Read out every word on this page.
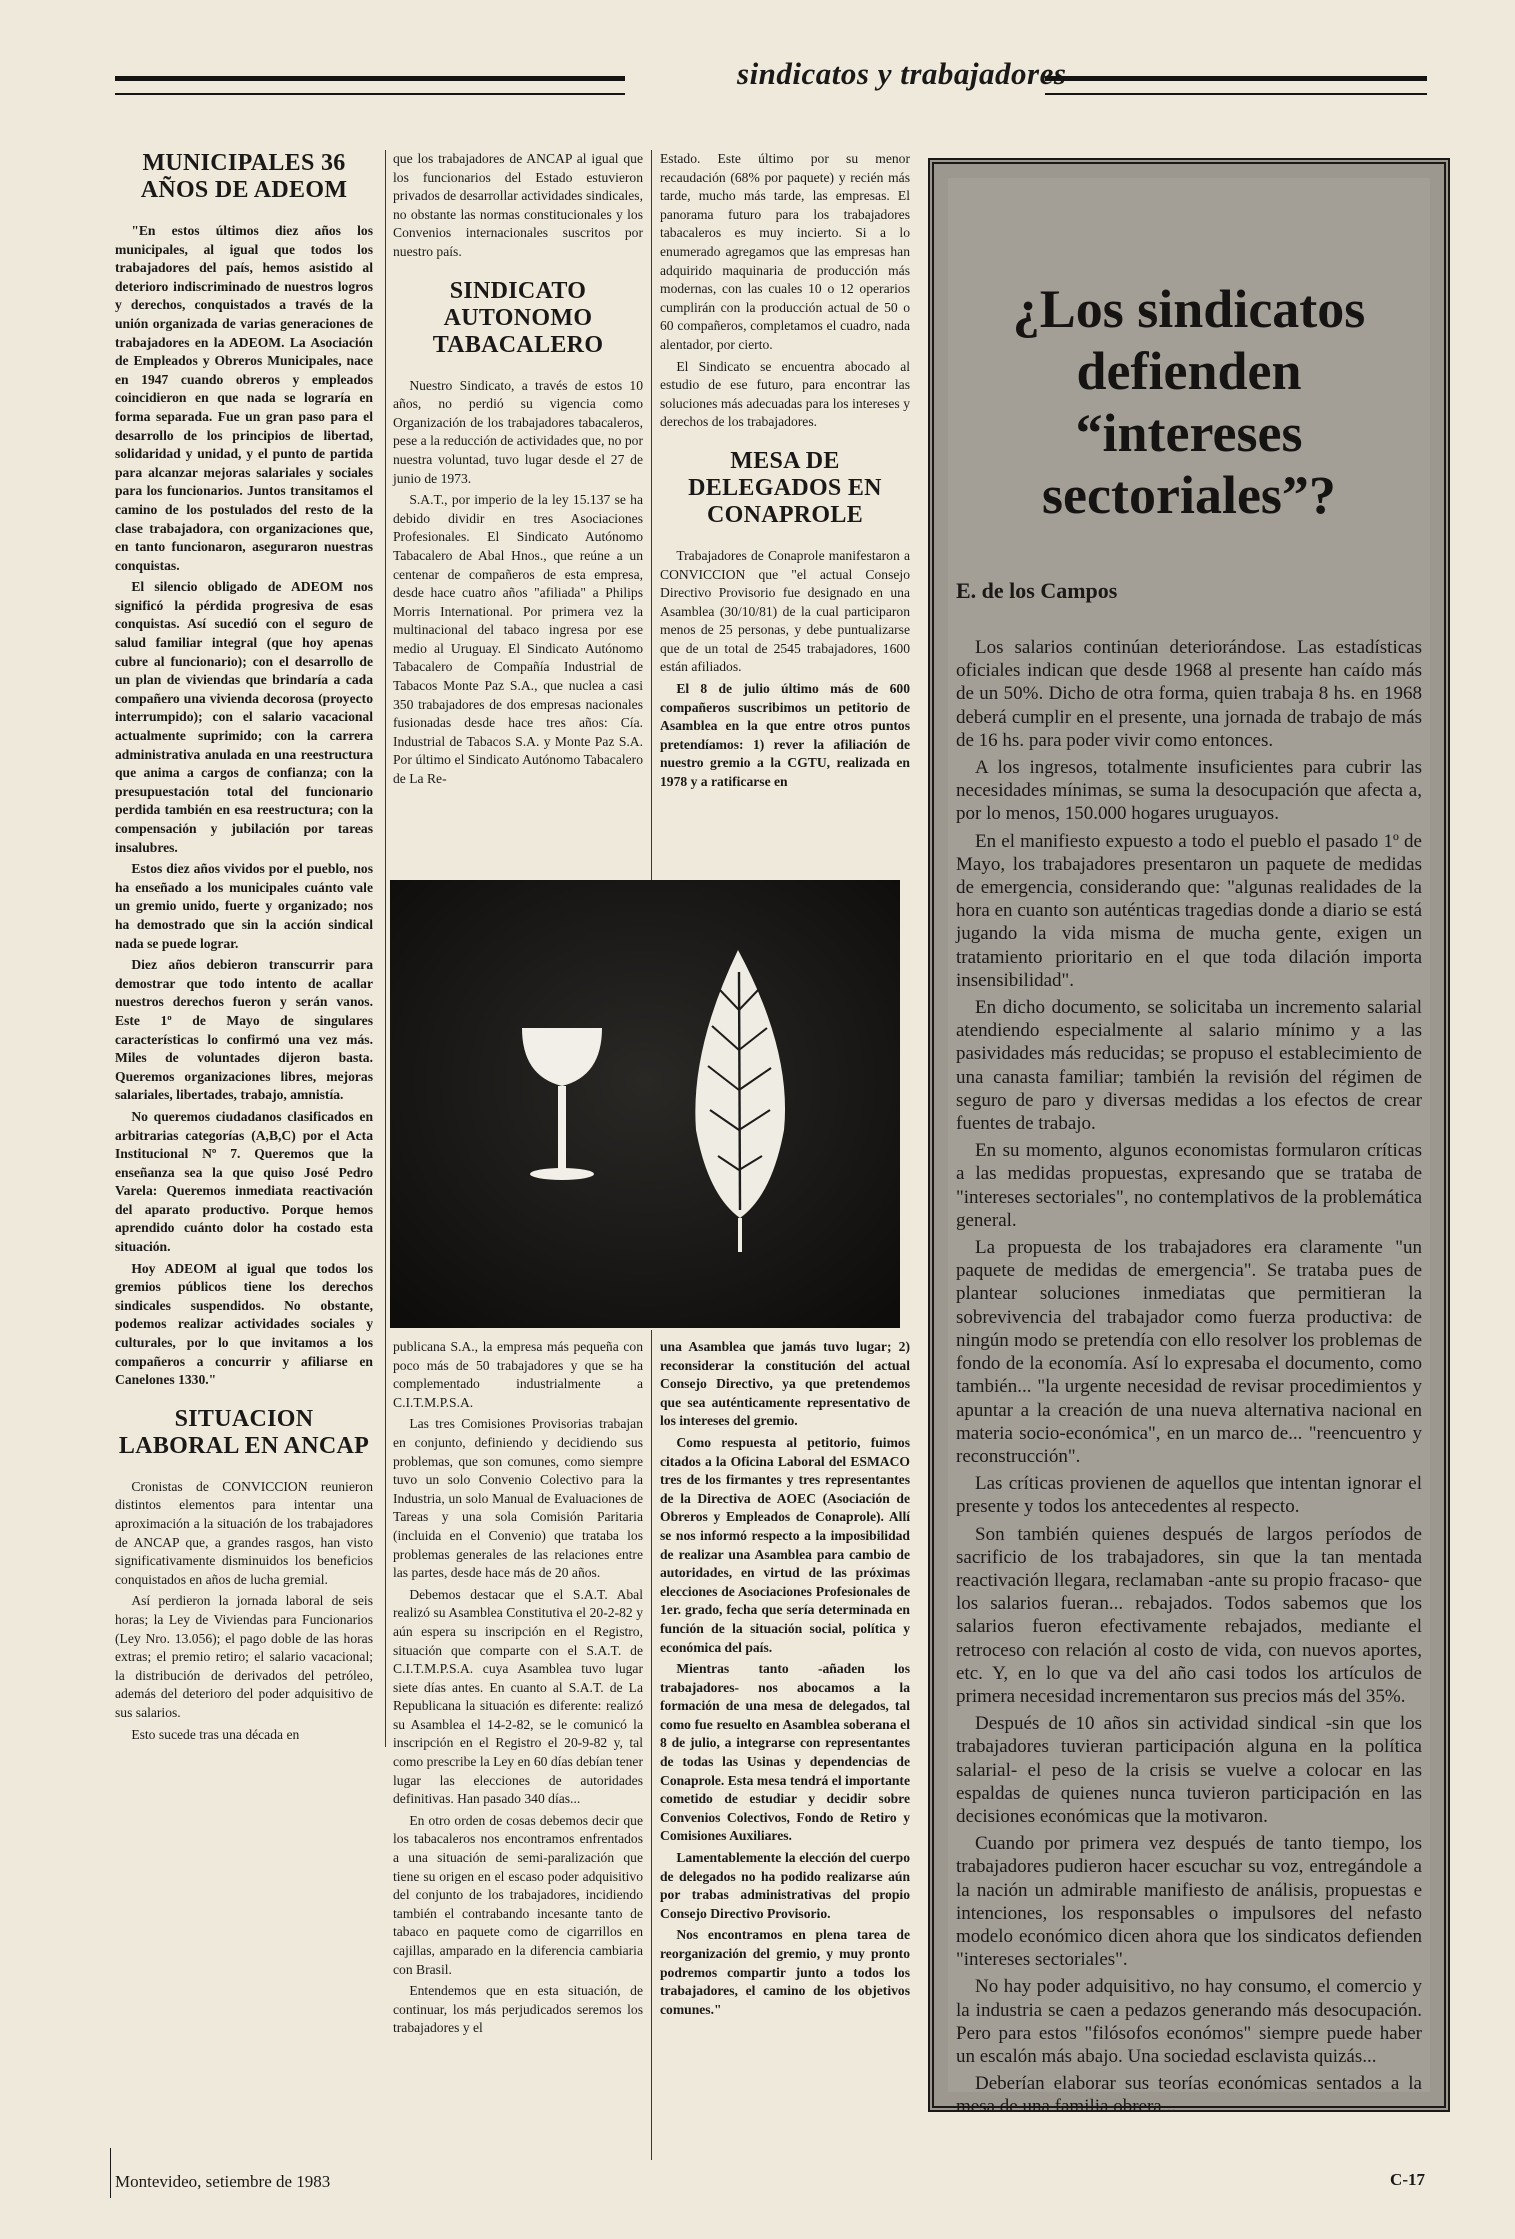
sindicatos y trabajadores
MUNICIPALES 36 AÑOS DE ADEOM

"En estos últimos diez años los municipales, al igual que todos los trabajadores del país, hemos asistido al deterioro indiscriminado de nuestros logros y derechos, conquistados a través de la unión organizada de varias generaciones de trabajadores en la ADEOM. La Asociación de Empleados y Obreros Municipales, nace en 1947 cuando obreros y empleados coincidieron en que nada se lograría en forma separada. Fue un gran paso para el desarrollo de los principios de libertad, solidaridad y unidad, y el punto de partida para alcanzar mejoras salariales y sociales para los funcionarios. Juntos transitamos el camino de los postulados del resto de la clase trabajadora, con organizaciones que, en tanto funcionaron, aseguraron nuestras conquistas.

El silencio obligado de ADEOM nos significó la pérdida progresiva de esas conquistas. Así sucedió con el seguro de salud familiar integral (que hoy apenas cubre al funcionario); con el desarrollo de un plan de viviendas que brindaría a cada compañero una vivienda decorosa (proyecto interrumpido); con el salario vacacional actualmente suprimido; con la carrera administrativa anulada en una reestructura que anima a cargos de confianza; con la presupuestación total del funcionario perdida también en esa reestructura; con la compensación y jubilación por tareas insalubres.

Estos diez años vividos por el pueblo, nos ha enseñado a los municipales cuánto vale un gremio unido, fuerte y organizado; nos ha demostrado que sin la acción sindical nada se puede lograr.

Diez años debieron transcurrir para demostrar que todo intento de acallar nuestros derechos fueron y serán vanos. Este 1º de Mayo de singulares características lo confirmó una vez más. Miles de voluntades dijeron basta. Queremos organizaciones libres, mejoras salariales, libertades, trabajo, amnistía.

No queremos ciudadanos clasificados en arbitrarias categorías (A,B,C) por el Acta Institucional Nº 7. Queremos que la enseñanza sea la que quiso José Pedro Varela: Queremos inmediata reactivación del aparato productivo. Porque hemos aprendido cuánto dolor ha costado esta situación.

Hoy ADEOM al igual que todos los gremios públicos tiene los derechos sindicales suspendidos. No obstante, podemos realizar actividades sociales y culturales, por lo que invitamos a los compañeros a concurrir y afiliarse en Canelones 1330."

SITUACION LABORAL EN ANCAP

Cronistas de CONVICCION reunieron distintos elementos para intentar una aproximación a la situación de los trabajadores de ANCAP que, a grandes rasgos, han visto significativamente disminuidos los beneficios conquistados en años de lucha gremial.

Así perdieron la jornada laboral de seis horas; la Ley de Viviendas para Funcionarios (Ley Nro. 13.056); el pago doble de las horas extras; el premio retiro; el salario vacacional; la distribución de derivados del petróleo, además del deterioro del poder adquisitivo de sus salarios.

Esto sucede tras una década en

que los trabajadores de ANCAP al igual que los funcionarios del Estado estuvieron privados de desarrollar actividades sindicales, no obstante las normas constitucionales y los Convenios internacionales suscritos por nuestro país.

SINDICATO AUTONOMO TABACALERO

Nuestro Sindicato, a través de estos 10 años, no perdió su vigencia como Organización de los trabajadores tabacaleros, pese a la reducción de actividades que, no por nuestra voluntad, tuvo lugar desde el 27 de junio de 1973.

S.A.T., por imperio de la ley 15.137 se ha debido dividir en tres Asociaciones Profesionales. El Sindicato Autónomo Tabacalero de Abal Hnos., que reúne a un centenar de compañeros de esta empresa, desde hace cuatro años "afiliada" a Philips Morris International. Por primera vez la multinacional del tabaco ingresa por ese medio al Uruguay. El Sindicato Autónomo Tabacalero de Compañía Industrial de Tabacos Monte Paz S.A., que nuclea a casi 350 trabajadores de dos empresas nacionales fusionadas desde hace tres años: Cía. Industrial de Tabacos S.A. y Monte Paz S.A. Por último el Sindicato Autónomo Tabacalero de La Re-

Estado. Este último por su menor recaudación (68% por paquete) y recién más tarde, mucho más tarde, las empresas. El panorama futuro para los trabajadores tabacaleros es muy incierto. Si a lo enumerado agregamos que las empresas han adquirido maquinaria de producción más modernas, con las cuales 10 o 12 operarios cumplirán con la producción actual de 50 o 60 compañeros, completamos el cuadro, nada alentador, por cierto.

El Sindicato se encuentra abocado al estudio de ese futuro, para encontrar las soluciones más adecuadas para los intereses y derechos de los trabajadores.

MESA DE DELEGADOS EN CONAPROLE

Trabajadores de Conaprole manifestaron a CONVICCION que "el actual Consejo Directivo Provisorio fue designado en una Asamblea (30/10/81) de la cual participaron menos de 25 personas, y debe puntualizarse que de un total de 2545 trabajadores, 1600 están afiliados.

El 8 de julio último más de 600 compañeros suscribimos un petitorio de Asamblea en la que entre otros puntos pretendíamos: 1) rever la afiliación de nuestro gremio a la CGTU, realizada en 1978 y a ratificarse en

publicana S.A., la empresa más pequeña con poco más de 50 trabajadores y que se ha complementado industrialmente a C.I.T.M.P.S.A.

Las tres Comisiones Provisorias trabajan en conjunto, definiendo y decidiendo sus problemas, que son comunes, como siempre tuvo un solo Convenio Colectivo para la Industria, un solo Manual de Evaluaciones de Tareas y una sola Comisión Paritaria (incluida en el Convenio) que trataba los problemas generales de las relaciones entre las partes, desde hace más de 20 años.

Debemos destacar que el S.A.T. Abal realizó su Asamblea Constitutiva el 20-2-82 y aún espera su inscripción en el Registro, situación que comparte con el S.A.T. de C.I.T.M.P.S.A. cuya Asamblea tuvo lugar siete días antes. En cuanto al S.A.T. de La Republicana la situación es diferente: realizó su Asamblea el 14-2-82, se le comunicó la inscripción en el Registro el 20-9-82 y, tal como prescribe la Ley en 60 días debían tener lugar las elecciones de autoridades definitivas. Han pasado 340 días...

En otro orden de cosas debemos decir que los tabacaleros nos encontramos enfrentados a una situación de semi-paralización que tiene su origen en el escaso poder adquisitivo del conjunto de los trabajadores, incidiendo también el contrabando incesante tanto de tabaco en paquete como de cigarrillos en cajillas, amparado en la diferencia cambiaria con Brasil.

Entendemos que en esta situación, de continuar, los más perjudicados seremos los trabajadores y el

una Asamblea que jamás tuvo lugar; 2) reconsiderar la constitución del actual Consejo Directivo, ya que pretendemos que sea auténticamente representativo de los intereses del gremio.

Como respuesta al petitorio, fuimos citados a la Oficina Laboral del ESMACO tres de los firmantes y tres representantes de la Directiva de AOEC (Asociación de Obreros y Empleados de Conaprole). Allí se nos informó respecto a la imposibilidad de realizar una Asamblea para cambio de autoridades, en virtud de las próximas elecciones de Asociaciones Profesionales de 1er. grado, fecha que sería determinada en función de la situación social, política y económica del país.

Mientras tanto -añaden los trabajadores- nos abocamos a la formación de una mesa de delegados, tal como fue resuelto en Asamblea soberana el 8 de julio, a integrarse con representantes de todas las Usinas y dependencias de Conaprole. Esta mesa tendrá el importante cometido de estudiar y decidir sobre Convenios Colectivos, Fondo de Retiro y Comisiones Auxiliares.

Lamentablemente la elección del cuerpo de delegados no ha podido realizarse aún por trabas administrativas del propio Consejo Directivo Provisorio.

Nos encontramos en plena tarea de reorganización del gremio, y muy pronto podremos compartir junto a todos los trabajadores, el camino de los objetivos comunes."

¿Los sindicatos defienden “intereses sectoriales”?
E. de los Campos

Los salarios continúan deteriorándose. Las estadísticas oficiales indican que desde 1968 al presente han caído más de un 50%. Dicho de otra forma, quien trabaja 8 hs. en 1968 deberá cumplir en el presente, una jornada de trabajo de más de 16 hs. para poder vivir como entonces.

A los ingresos, totalmente insuficientes para cubrir las necesidades mínimas, se suma la desocupación que afecta a, por lo menos, 150.000 hogares uruguayos.

En el manifiesto expuesto a todo el pueblo el pasado 1º de Mayo, los trabajadores presentaron un paquete de medidas de emergencia, considerando que: "algunas realidades de la hora en cuanto son auténticas tragedias donde a diario se está jugando la vida misma de mucha gente, exigen un tratamiento prioritario en el que toda dilación importa insensibilidad".

En dicho documento, se solicitaba un incremento salarial atendiendo especialmente al salario mínimo y a las pasividades más reducidas; se propuso el establecimiento de una canasta familiar; también la revisión del régimen de seguro de paro y diversas medidas a los efectos de crear fuentes de trabajo.

En su momento, algunos economistas formularon críticas a las medidas propuestas, expresando que se trataba de "intereses sectoriales", no contemplativos de la problemática general.

La propuesta de los trabajadores era claramente "un paquete de medidas de emergencia". Se trataba pues de plantear soluciones inmediatas que permitieran la sobrevivencia del trabajador como fuerza productiva: de ningún modo se pretendía con ello resolver los problemas de fondo de la economía. Así lo expresaba el documento, como también... "la urgente necesidad de revisar procedimientos y apuntar a la creación de una nueva alternativa nacional en materia socio-económica", en un marco de... "reencuentro y reconstrucción".

Las críticas provienen de aquellos que intentan ignorar el presente y todos los antecedentes al respecto.

Son también quienes después de largos períodos de sacrificio de los trabajadores, sin que la tan mentada reactivación llegara, reclamaban -ante su propio fracaso- que los salarios fueran... rebajados. Todos sabemos que los salarios fueron efectivamente rebajados, mediante el retroceso con relación al costo de vida, con nuevos aportes, etc. Y, en lo que va del año casi todos los artículos de primera necesidad incrementaron sus precios más del 35%.

Después de 10 años sin actividad sindical -sin que los trabajadores tuvieran participación alguna en la política salarial- el peso de la crisis se vuelve a colocar en las espaldas de quienes nunca tuvieron participación en las decisiones económicas que la motivaron.

Cuando por primera vez después de tanto tiempo, los trabajadores pudieron hacer escuchar su voz, entregándole a la nación un admirable manifiesto de análisis, propuestas e intenciones, los responsables o impulsores del nefasto modelo económico dicen ahora que los sindicatos defienden "intereses sectoriales".

No hay poder adquisitivo, no hay consumo, el comercio y la industria se caen a pedazos generando más desocupación. Pero para estos "filósofos económos" siempre puede haber un escalón más abajo. Una sociedad esclavista quizás...

Deberían elaborar sus teorías económicas sentados a la mesa de una familia obrera...

Montevideo, setiembre de 1983	C-17
